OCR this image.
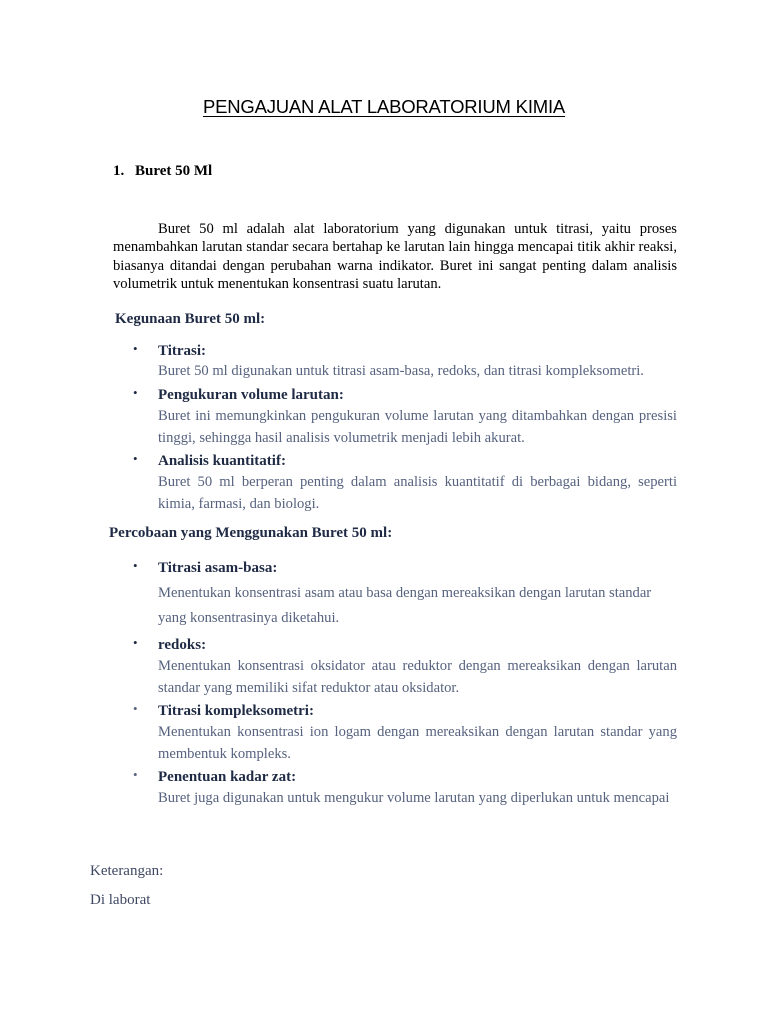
PENGAJUAN ALAT LABORATORIUM KIMIA
1. Buret 50 Ml

Buret 50 ml adalah alat laboratorium yang digunakan untuk titrasi, yaitu proses menambahkan larutan standar secara bertahap ke larutan lain hingga mencapai titik akhir reaksi, biasanya ditandai dengan perubahan warna indikator. Buret ini sangat penting dalam analisis volumetrik untuk menentukan konsentrasi suatu larutan.

Kegunaan Buret 50 ml:
• Titrasi:
Buret 50 ml digunakan untuk titrasi asam-basa, redoks, dan titrasi kompleksometri.
• Pengukuran volume larutan:
Buret ini memungkinkan pengukuran volume larutan yang ditambahkan dengan presisi tinggi, sehingga hasil analisis volumetrik menjadi lebih akurat.
• Analisis kuantitatif:
Buret 50 ml berperan penting dalam analisis kuantitatif di berbagai bidang, seperti kimia, farmasi, dan biologi.
Percobaan yang Menggunakan Buret 50 ml:
• Titrasi asam-basa:
Menentukan konsentrasi asam atau basa dengan mereaksikan dengan larutan standar yang konsentrasinya diketahui.
• redoks:
Menentukan konsentrasi oksidator atau reduktor dengan mereaksikan dengan larutan standar yang memiliki sifat reduktor atau oksidator.
• Titrasi kompleksometri:
Menentukan konsentrasi ion logam dengan mereaksikan dengan larutan standar yang membentuk kompleks.
• Penentuan kadar zat:
Buret juga digunakan untuk mengukur volume larutan yang diperlukan untuk mencapai
Keterangan:
Di laborat
